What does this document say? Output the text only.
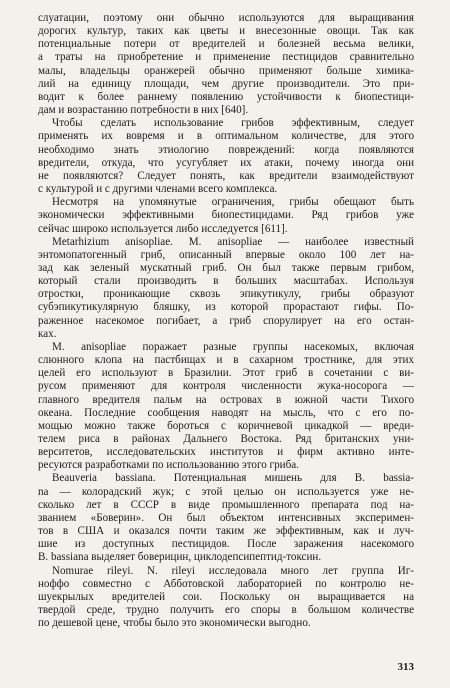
слуатации, поэтому они обычно используются для выращивания
дорогих культур, таких как цветы и внесезонные овощи. Так как
потенциальные потери от вредителей и болезней весьма велики,
а траты на приобретение и применение пестицидов сравнительно
малы, владельцы оранжерей обычно применяют больше химика-
лий на единицу площади, чем другие производители. Это при-
водит к более раннему появлению устойчивости к биопестици-
дам и возрастанию потребности в них [640].

Чтобы сделать использование грибов эффективным, следует
применять их вовремя и в оптимальном количестве, для этого
необходимо знать этиологию повреждений: когда появляются
вредители, откуда, что усугубляет их атаки, почему иногда они
не появляются? Следует понять, как вредители взаимодействуют
с культурой и с другими членами всего комплекса.

Несмотря на упомянутые ограничения, грибы обещают быть
экономически эффективными биопестицидами. Ряд грибов уже
сейчас широко используется либо исследуется [611].

Metarhizium anisopliae. M. anisopliae — наиболее известный
энтомопатогенный гриб, описанный впервые около 100 лет на-
зад как зеленый мускатный гриб. Он был также первым грибом,
который стали производить в больших масштабах. Используя
отростки, проникающие сквозь эпикутикулу, грибы образуют
субэпикутикулярную бляшку, из которой прорастают гифы. По-
раженное насекомое погибает, а гриб спорулирует на его остан-
ках.

M. anisopliae поражает разные группы насекомых, включая
слюнного клопа на пастбищах и в сахарном тростнике, для этих
целей его используют в Бразилии. Этот гриб в сочетании с ви-
русом применяют для контроля численности жука-носорога —
главного вредителя пальм на островах в южной части Тихого
океана. Последние сообщения наводят на мысль, что с его по-
мощью можно также бороться с коричневой цикадкой — вреди-
телем риса в районах Дальнего Востока. Ряд британских уни-
верситетов, исследовательских институтов и фирм активно инте-
ресуются разработками по использованию этого гриба.

Beauveria bassiana. Потенциальная мишень для B. bassia-
na — колорадский жук; с этой целью он используется уже не-
сколько лет в СССР в виде промышленного препарата под на-
званием «Боверин». Он был объектом интенсивных эксперимен-
тов в США и оказался почти таким же эффективным, как и луч-
шие из доступных пестицидов. После заражения насекомого
B. bassiana выделяет боверицин, циклодепсипептид-токсин.

Nomurae rileyi. N. rileyi исследовала много лет группа Иг-
ноффо совместно с Абботовской лабораторией по контролю не-
шуекрылых вредителей сои. Поскольку он выращивается на
твердой среде, трудно получить его споры в большом количестве
по дешевой цене, чтобы было это экономически выгодно.

313
